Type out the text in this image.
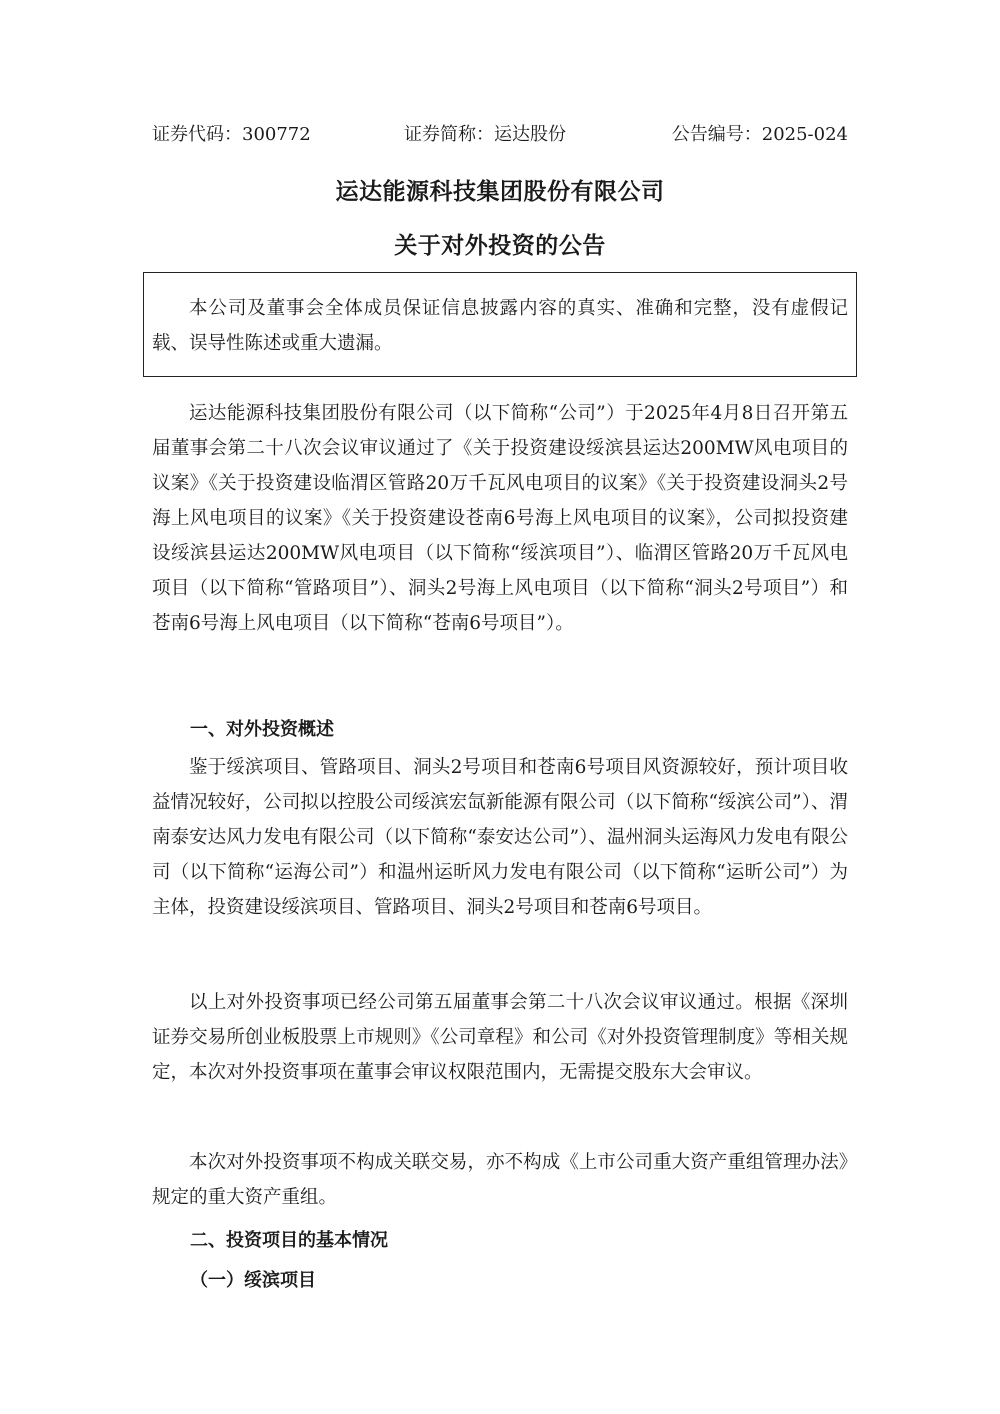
证券代码：300772	证券简称：运达股份	公告编号：2025-024
运达能源科技集团股份有限公司
关于对外投资的公告

本公司及董事会全体成员保证信息披露内容的真实、准确和完整，没有虚假记载、误导性陈述或重大遗漏。

运达能源科技集团股份有限公司（以下简称“公司”）于2025年4月8日召开第五届董事会第二十八次会议审议通过了《关于投资建设绥滨县运达200MW风电项目的议案》《关于投资建设临渭区管路20万千瓦风电项目的议案》《关于投资建设洞头2号海上风电项目的议案》《关于投资建设苍南6号海上风电项目的议案》，公司拟投资建设绥滨县运达200MW风电项目（以下简称“绥滨项目”）、临渭区管路20万千瓦风电项目（以下简称“管路项目”）、洞头2号海上风电项目（以下简称“洞头2号项目”）和苍南6号海上风电项目（以下简称“苍南6号项目”）。

一、对外投资概述

鉴于绥滨项目、管路项目、洞头2号项目和苍南6号项目风资源较好，预计项目收益情况较好，公司拟以控股公司绥滨宏氙新能源有限公司（以下简称“绥滨公司”）、渭南泰安达风力发电有限公司（以下简称“泰安达公司”）、温州洞头运海风力发电有限公司（以下简称“运海公司”）和温州运昕风力发电有限公司（以下简称“运昕公司”）为主体，投资建设绥滨项目、管路项目、洞头2号项目和苍南6号项目。

以上对外投资事项已经公司第五届董事会第二十八次会议审议通过。根据《深圳证券交易所创业板股票上市规则》《公司章程》和公司《对外投资管理制度》等相关规定，本次对外投资事项在董事会审议权限范围内，无需提交股东大会审议。

本次对外投资事项不构成关联交易，亦不构成《上市公司重大资产重组管理办法》规定的重大资产重组。

二、投资项目的基本情况

（一）绥滨项目
